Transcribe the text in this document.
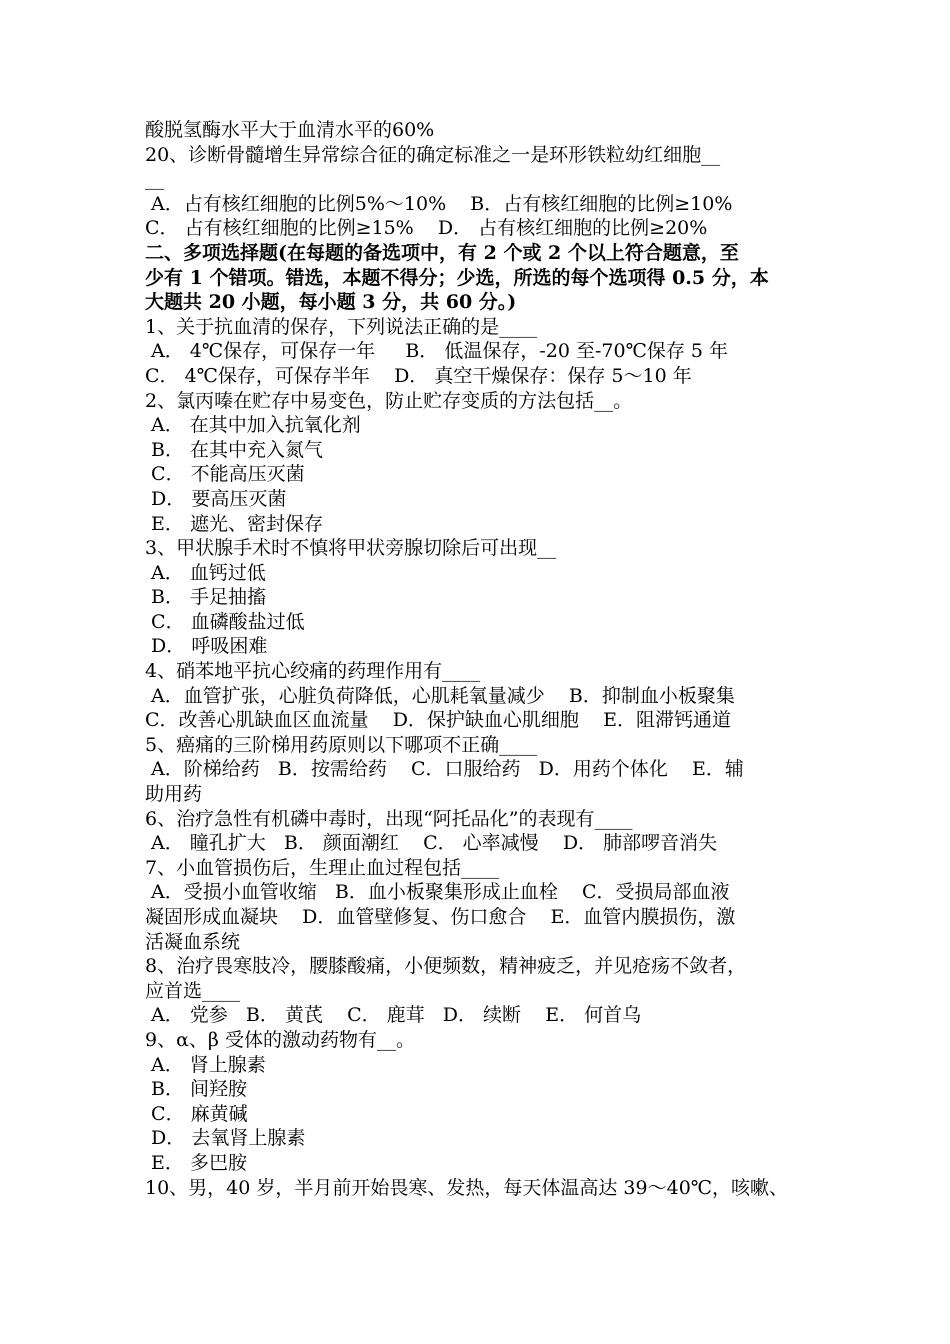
酸脱氢酶水平大于血清水平的60%
20、诊断骨髓增生异常综合征的确定标准之一是环形铁粒幼红细胞__
__
A．占有核红细胞的比例5%～10%    B．占有核红细胞的比例≥10%
C． 占有核红细胞的比例≥15%    D． 占有核红细胞的比例≥20%
二、多项选择题(在每题的备选项中，有 2 个或 2 个以上符合题意，至
少有 1 个错项。错选，本题不得分；少选，所选的每个选项得 0.5 分，本
大题共 20 小题，每小题 3 分，共 60 分。)
1、关于抗血清的保存，下列说法正确的是____
A． 4℃保存，可保存一年     B． 低温保存，-20 至-70℃保存 5 年
C． 4℃保存，可保存半年    D． 真空干燥保存：保存 5～10 年
2、氯丙嗪在贮存中易变色，防止贮存变质的方法包括__。
A． 在其中加入抗氧化剂
B． 在其中充入氮气
C． 不能高压灭菌
D． 要高压灭菌
E． 遮光、密封保存
3、甲状腺手术时不慎将甲状旁腺切除后可出现__
A． 血钙过低
B． 手足抽搐
C． 血磷酸盐过低
D． 呼吸困难
4、硝苯地平抗心绞痛的药理作用有____
A．血管扩张，心脏负荷降低，心肌耗氧量减少    B．抑制血小板聚集
C．改善心肌缺血区血流量    D．保护缺血心肌细胞    E．阻滞钙通道
5、癌痛的三阶梯用药原则以下哪项不正确____
A．阶梯给药   B．按需给药    C．口服给药   D．用药个体化    E．辅
助用药
6、治疗急性有机磷中毒时，出现“阿托品化”的表现有____
A． 瞳孔扩大   B． 颜面潮红    C． 心率减慢    D． 肺部啰音消失
7、小血管损伤后，生理止血过程包括____
A．受损小血管收缩   B．血小板聚集形成止血栓    C．受损局部血液
凝固形成血凝块    D．血管壁修复、伤口愈合    E．血管内膜损伤，激
活凝血系统
8、治疗畏寒肢冷，腰膝酸痛，小便频数，精神疲乏，并见疮疡不敛者，
应首选____
A． 党参   B． 黄芪    C． 鹿茸   D． 续断    E． 何首乌
9、α、β 受体的激动药物有__。
A． 肾上腺素
B． 间羟胺
C． 麻黄碱
D． 去氧肾上腺素
E． 多巴胺
10、男，40 岁，半月前开始畏寒、发热，每天体温高达 39～40℃，咳嗽、
